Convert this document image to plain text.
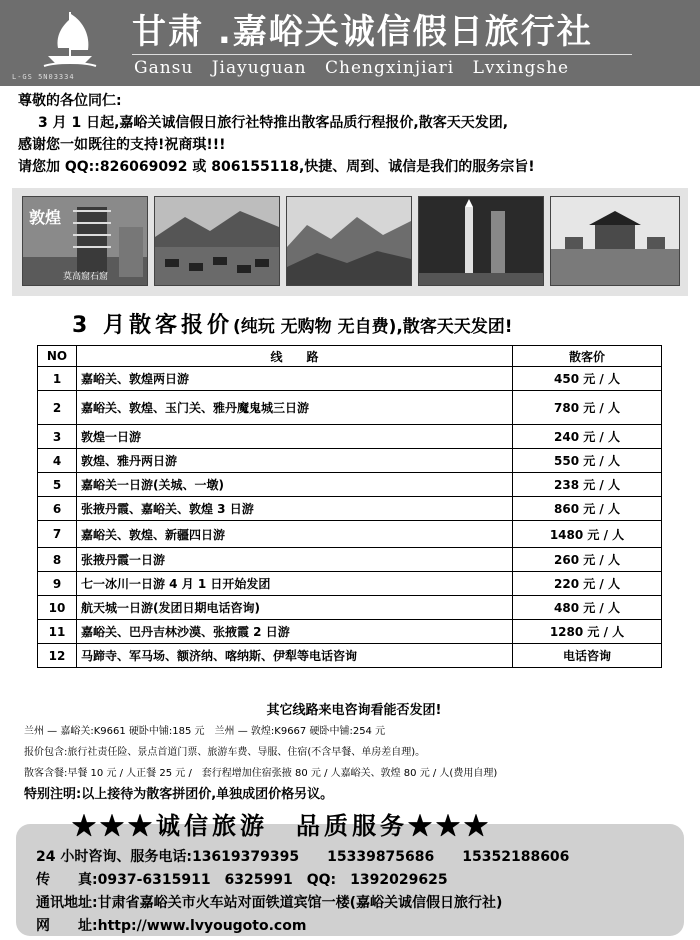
L-GS 5N03334
甘肃 .嘉峪关诚信假日旅行社
Gansu Jiayuguan Chengxinjiari Lvxingshe
尊敬的各位同仁:
3 月 1 日起,嘉峪关诚信假日旅行社特推出散客品质行程报价,散客天天发团,
感谢您一如既往的支持!祝商琪!!!
请您加 QQ::826069092 或 806155118,快捷、周到、诚信是我们的服务宗旨!
敦煌
莫高窟石窟
3 月散客报价(纯玩 无购物 无自费),散客天天发团!
NO	线　　路	散客价
1	嘉峪关、敦煌两日游	450 元 / 人
2	嘉峪关、敦煌、玉门关、雅丹魔鬼城三日游	780 元 / 人
3	敦煌一日游	240 元 / 人
4	敦煌、雅丹两日游	550 元 / 人
5	嘉峪关一日游(关城、一墩)	238 元 / 人
6	张掖丹霞、嘉峪关、敦煌 3 日游	860 元 / 人
7	嘉峪关、敦煌、新疆四日游	1480 元 / 人
8	张掖丹霞一日游	260 元 / 人
9	七一冰川一日游 4 月 1 日开始发团	220 元 / 人
10	航天城一日游(发团日期电话咨询)	480 元 / 人
11	嘉峪关、巴丹吉林沙漠、张掖霞 2 日游	1280 元 / 人
12	马蹄寺、军马场、额济纳、喀纳斯、伊犁等电话咨询	电话咨询
其它线路来电咨询看能否发团!
兰州 — 嘉峪关:K9661 硬卧中铺:185 元　兰州 — 敦煌:K9667 硬卧中铺:254 元
报价包含:旅行社责任险、景点首道门票、旅游车费、导服、住宿(不含早餐、单房差自理)。
散客含餐:早餐 10 元 / 人正餐 25 元 /　套行程增加住宿张掖 80 元 / 人嘉峪关、敦煌 80 元 / 人(费用自理)
特别注明:以上接待为散客拼团价,单独成团价格另议。
★★★诚信旅游　品质服务★★★
24 小时咨询、服务电话:13619379395　　15339875686　　15352188606
传　　真:0937-6315911　6325991　QQ:　1392029625
通讯地址:甘肃省嘉峪关市火车站对面铁道宾馆一楼(嘉峪关诚信假日旅行社)
网　　址:http://www.lvyougoto.com
